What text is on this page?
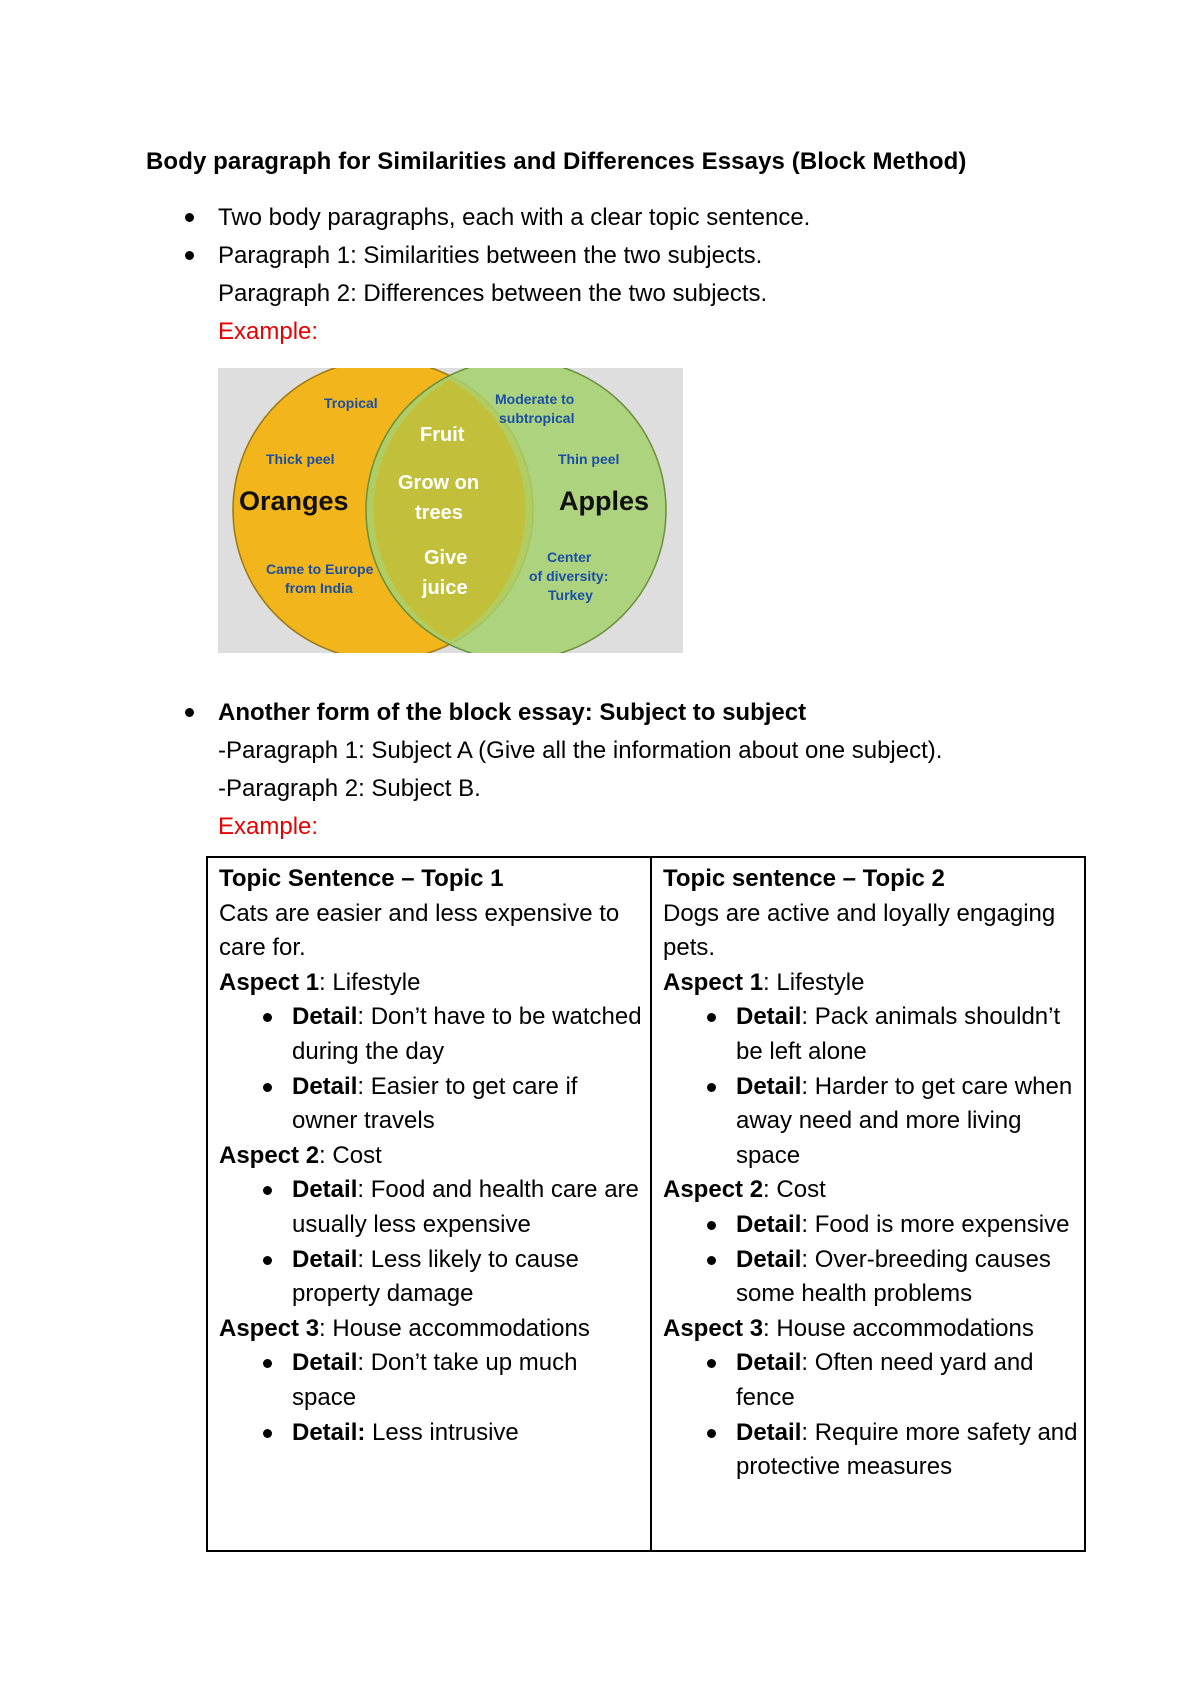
Body paragraph for Similarities and Differences Essays (Block Method)
Two body paragraphs, each with a clear topic sentence.
Paragraph 1: Similarities between the two subjects.
Paragraph 2: Differences between the two subjects.
Example:
Tropical
Thick peel
Oranges
Came to Europe
from India
Fruit
Grow on
trees
Give
juice
Moderate to
subtropical
Thin peel
Apples
Center
of diversity:
Turkey
Another form of the block essay: Subject to subject
-Paragraph 1: Subject A (Give all the information about one subject).
-Paragraph 2: Subject B.
Example:

Topic Sentence – Topic 1

Cats are easier and less expensive to care for.

Aspect 1: Lifestyle

Detail: Don’t have to be watched during the day

Detail: Easier to get care if owner travels

Aspect 2: Cost

Detail: Food and health care are usually less expensive

Detail: Less likely to cause property damage

Aspect 3: House accommodations

Detail: Don’t take up much space

Detail: Less intrusive

Topic sentence – Topic 2

Dogs are active and loyally engaging pets.

Aspect 1: Lifestyle

Detail: Pack animals shouldn’t be left alone

Detail: Harder to get care when away need and more living space

Aspect 2: Cost

Detail: Food is more expensive

Detail: Over-breeding causes some health problems

Aspect 3: House accommodations

Detail: Often need yard and fence

Detail: Require more safety and protective measures
